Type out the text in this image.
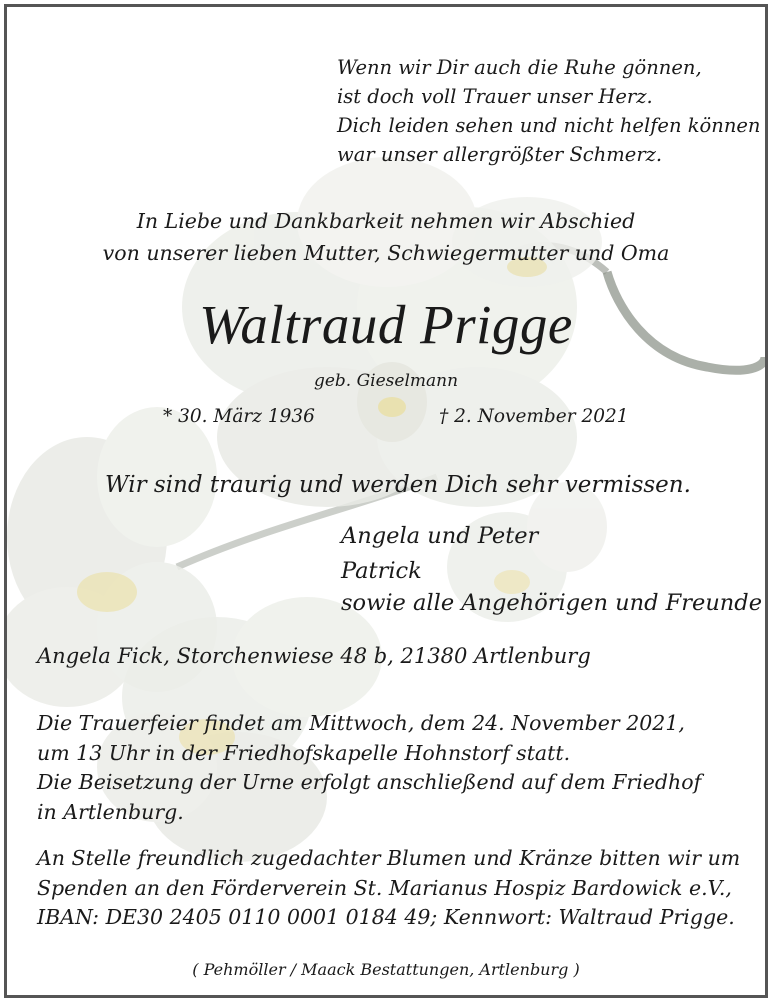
Wenn wir Dir auch die Ruhe gönnen,
ist doch voll Trauer unser Herz.
Dich leiden sehen und nicht helfen können
war unser allergrößter Schmerz.
In Liebe und Dankbarkeit nehmen wir Abschied
von unserer lieben Mutter, Schwiegermutter und Oma
Waltraud Prigge
geb. Gieselmann
* 30. März 1936	† 2. November 2021
Wir sind traurig und werden Dich sehr vermissen.
Angela und Peter
Patrick
sowie alle Angehörigen und Freunde
Angela Fick, Storchenwiese 48 b, 21380 Artlenburg
Die Trauerfeier findet am Mittwoch, dem 24. November 2021,
um 13 Uhr in der Friedhofskapelle Hohnstorf statt.
Die Beisetzung der Urne erfolgt anschließend auf dem Friedhof
in Artlenburg.
An Stelle freundlich zugedachter Blumen und Kränze bitten wir um
Spenden an den Förderverein St. Marianus Hospiz Bardowick e.V.,
IBAN: DE30 2405 0110 0001 0184 49; Kennwort: Waltraud Prigge.
( Pehmöller / Maack Bestattungen, Artlenburg )
